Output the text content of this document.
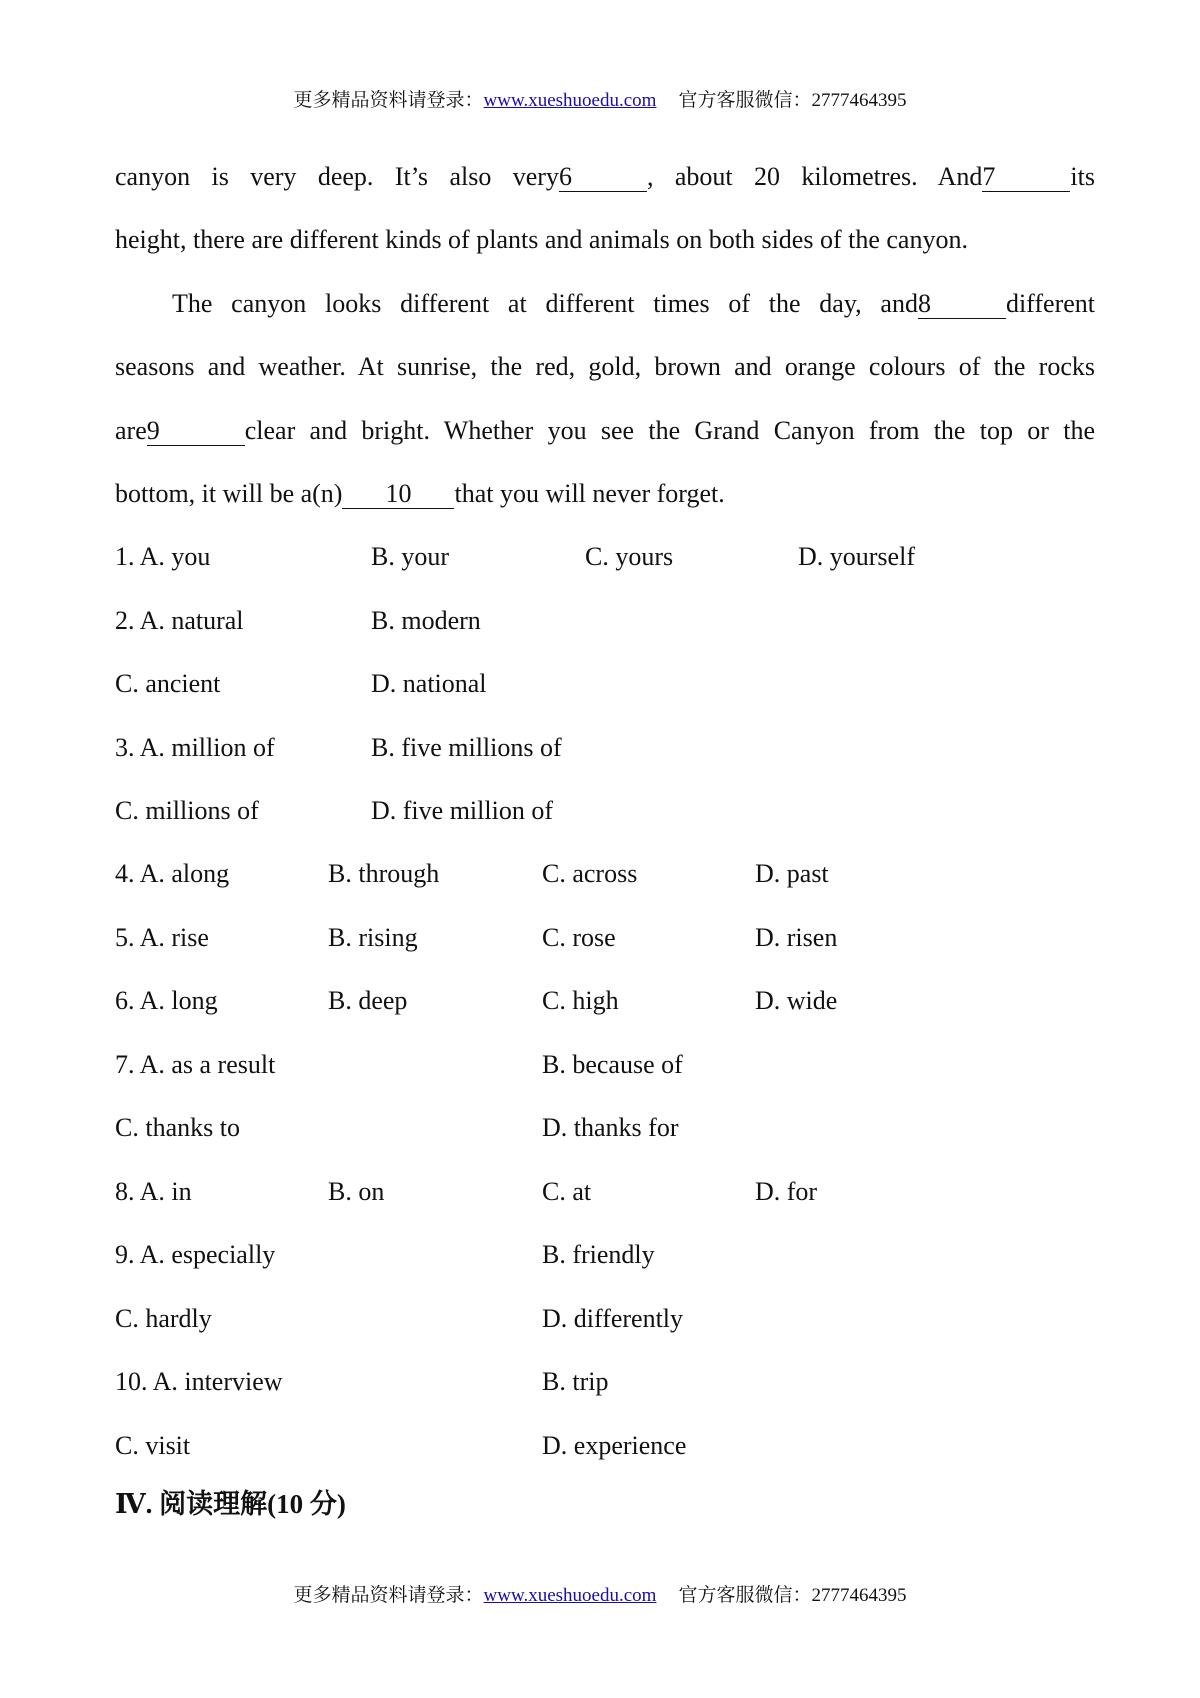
更多精品资料请登录：www.xueshuoedu.com 官方客服微信：2777464395
canyon is very deep. It’s also very6	, about 20 kilometres. And7	its
height, there are different kinds of plants and animals on both sides of the canyon.
The canyon looks different at different times of the day, and8	different
seasons and weather. At sunrise, the red, gold, brown and orange colours of the rocks
are9	clear and bright. Whether you see the Grand Canyon from the top or the
bottom, it will be a(n) 10 that you will never forget.
1. A. you	B. your	C. yours	D. yourself
2. A. natural	B. modern
C. ancient	D. national
3. A. million of	B. five millions of
C. millions of	D. five million of
4. A. along	B. through	C. across	D. past
5. A. rise	B. rising	C. rose	D. risen
6. A. long	B. deep	C. high	D. wide
7. A. as a result	B. because of
C. thanks to	D. thanks for
8. A. in	B. on	C. at	D. for
9. A. especially	B. friendly
C. hardly	D. differently
10. A. interview	B. trip
C. visit	D. experience
Ⅳ. 阅读理解(10 分)
更多精品资料请登录：www.xueshuoedu.com 官方客服微信：2777464395
